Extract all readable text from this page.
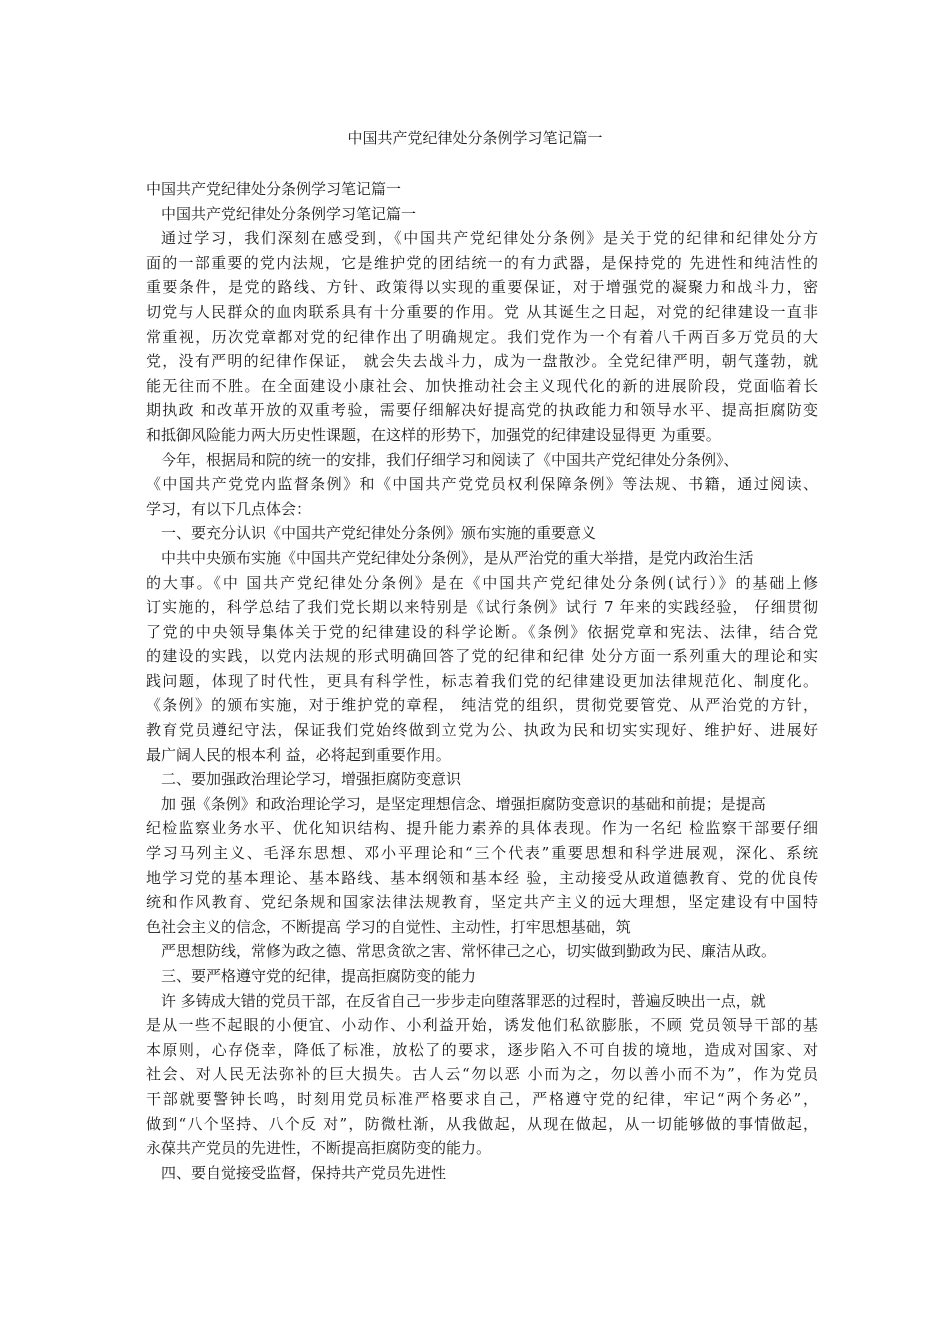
中国共产党纪律处分条例学习笔记篇一
中国共产党纪律处分条例学习笔记篇一
中国共产党纪律处分条例学习笔记篇一
通过学习，我们深刻在感受到，《中国共产党纪律处分条例》是关于党的纪律和纪律处分方
面的一部重要的党内法规，它是维护党的团结统一的有力武器，是保持党的 先进性和纯洁性的
重要条件，是党的路线、方针、政策得以实现的重要保证，对于增强党的凝聚力和战斗力，密
切党与人民群众的血肉联系具有十分重要的作用。党 从其诞生之日起，对党的纪律建设一直非
常重视，历次党章都对党的纪律作出了明确规定。我们党作为一个有着八千两百多万党员的大
党，没有严明的纪律作保证， 就会失去战斗力，成为一盘散沙。全党纪律严明，朝气蓬勃，就
能无往而不胜。在全面建设小康社会、加快推动社会主义现代化的新的进展阶段，党面临着长
期执政 和改革开放的双重考验，需要仔细解决好提高党的执政能力和领导水平、提高拒腐防变
和抵御风险能力两大历史性课题，在这样的形势下，加强党的纪律建设显得更 为重要。
今年，根据局和院的统一的安排，我们仔细学习和阅读了《中国共产党纪律处分条例》、
《中国共产党党内监督条例》和《中国共产党党员权利保障条例》等法规、书籍，通过阅读、
学习，有以下几点体会：
一、要充分认识《中国共产党纪律处分条例》颁布实施的重要意义
中共中央颁布实施《中国共产党纪律处分条例》，是从严治党的重大举措，是党内政治生活
的大事。《中 国共产党纪律处分条例》是在《中国共产党纪律处分条例(试行）》的基础上修
订实施的，科学总结了我们党长期以来特别是《试行条例》试行 7 年来的实践经验， 仔细贯彻
了党的中央领导集体关于党的纪律建设的科学论断。《条例》依据党章和宪法、法律，结合党
的建设的实践，以党内法规的形式明确回答了党的纪律和纪律 处分方面一系列重大的理论和实
践问题，体现了时代性，更具有科学性，标志着我们党的纪律建设更加法律规范化、制度化。
《条例》的颁布实施，对于维护党的章程， 纯洁党的组织，贯彻党要管党、从严治党的方针，
教育党员遵纪守法，保证我们党始终做到立党为公、执政为民和切实实现好、维护好、进展好
最广阔人民的根本利 益，必将起到重要作用。
二、要加强政治理论学习，增强拒腐防变意识
加 强《条例》和政治理论学习，是坚定理想信念、增强拒腐防变意识的基础和前提；是提高
纪检监察业务水平、优化知识结构、提升能力素养的具体表现。作为一名纪 检监察干部要仔细
学习马列主义、毛泽东思想、邓小平理论和“三个代表”重要思想和科学进展观，深化、系统
地学习党的基本理论、基本路线、基本纲领和基本经 验，主动接受从政道德教育、党的优良传
统和作风教育、党纪条规和国家法律法规教育，坚定共产主义的远大理想，坚定建设有中国特
色社会主义的信念，不断提高 学习的自觉性、主动性，打牢思想基础，筑
严思想防线，常修为政之德、常思贪欲之害、常怀律己之心，切实做到勤政为民、廉洁从政。
三、要严格遵守党的纪律，提高拒腐防变的能力
许 多铸成大错的党员干部，在反省自己一步步走向堕落罪恶的过程时，普遍反映出一点，就
是从一些不起眼的小便宜、小动作、小利益开始，诱发他们私欲膨胀，不顾 党员领导干部的基
本原则，心存侥幸，降低了标准，放松了的要求，逐步陷入不可自拔的境地，造成对国家、对
社会、对人民无法弥补的巨大损失。古人云“勿以恶 小而为之，勿以善小而不为”，作为党员
干部就要警钟长鸣，时刻用党员标准严格要求自己，严格遵守党的纪律，牢记“两个务必”，
做到“八个坚持、八个反 对”，防微杜渐，从我做起，从现在做起，从一切能够做的事情做起，
永葆共产党员的先进性，不断提高拒腐防变的能力。
四、要自觉接受监督，保持共产党员先进性
